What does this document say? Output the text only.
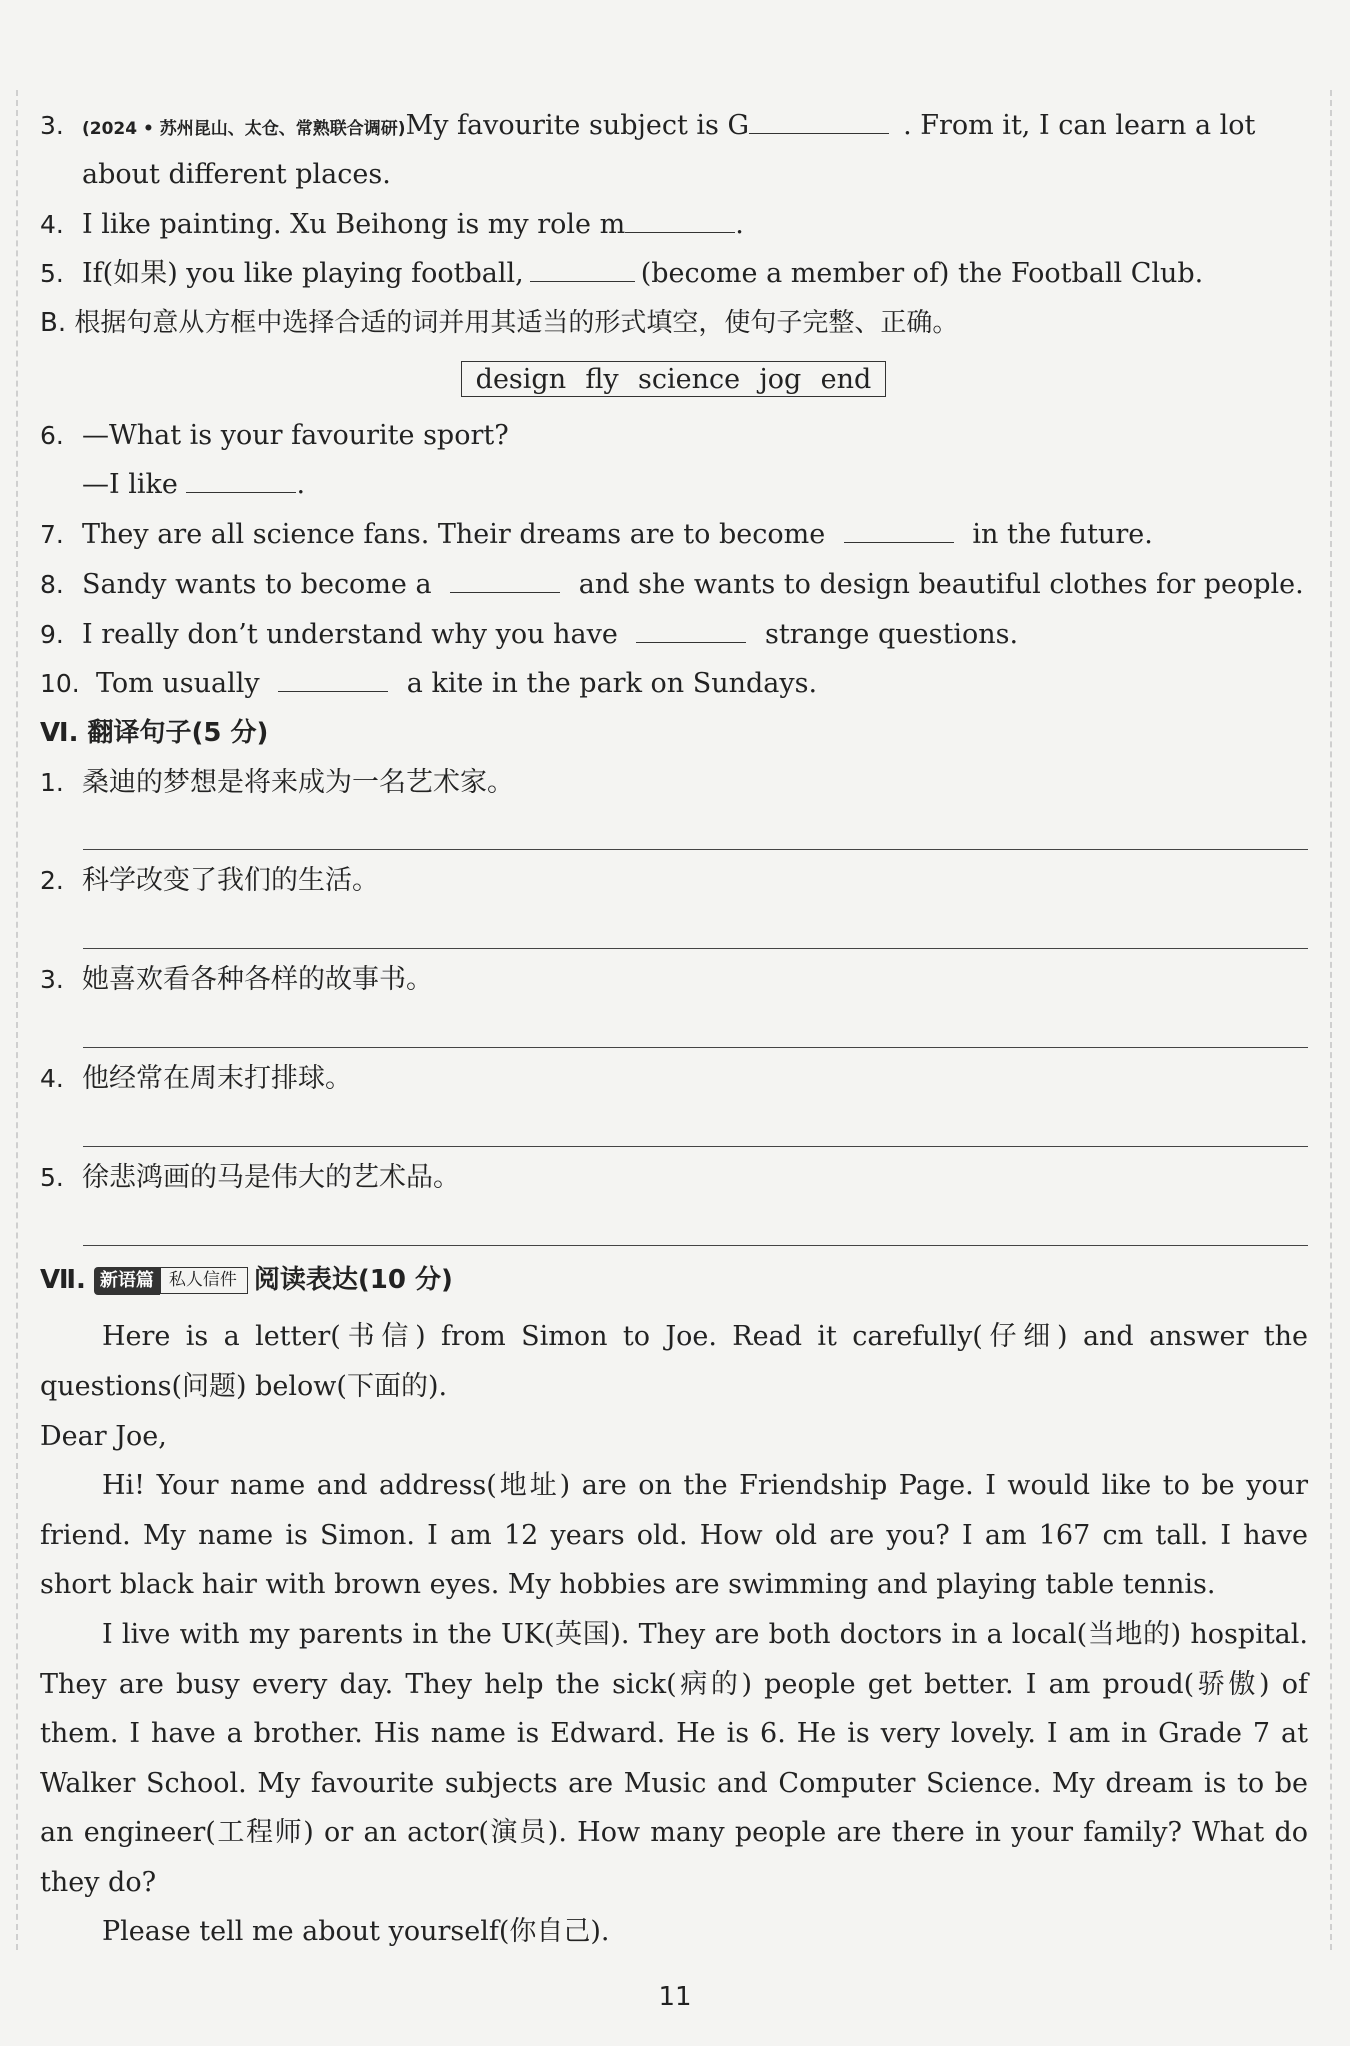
3. (2024 • 苏州昆山、太仓、常熟联合调研)My favourite subject is G	. From it, I can learn a lot
about different places.
4. I like painting. Xu Beihong is my role m	.
5. If(如果) you like playing football,	(become a member of) the Football Club.
B. 根据句意从方框中选择合适的词并用其适当的形式填空，使句子完整、正确。
design fly science jog end
6. —What is your favourite sport?
—I like	.
7. They are all science fans. Their dreams are to become	in the future.
8. Sandy wants to become a	and she wants to design beautiful clothes for people.
9. I really don’t understand why you have	strange questions.
10. Tom usually	a kite in the park on Sundays.
Ⅵ. 翻译句子(5 分)
1. 桑迪的梦想是将来成为一名艺术家。
2. 科学改变了我们的生活。
3. 她喜欢看各种各样的故事书。
4. 他经常在周末打排球。
5. 徐悲鸿画的马是伟大的艺术品。
Ⅶ. 新语篇 私人信件 阅读表达(10 分)
Here is a letter(书信) from Simon to Joe. Read it carefully(仔细) and answer the questions(问题) below(下面的).
Dear Joe,
Hi! Your name and address(地址) are on the Friendship Page. I would like to be your friend. My name is Simon. I am 12 years old. How old are you? I am 167 cm tall. I have short black hair with brown eyes. My hobbies are swimming and playing table tennis.
I live with my parents in the UK(英国). They are both doctors in a local(当地的) hospital. They are busy every day. They help the sick(病的) people get better. I am proud(骄傲) of them. I have a brother. His name is Edward. He is 6. He is very lovely. I am in Grade 7 at Walker School. My favourite subjects are Music and Computer Science. My dream is to be an engineer(工程师) or an actor(演员). How many people are there in your family? What do they do?
Please tell me about yourself(你自己).
11
